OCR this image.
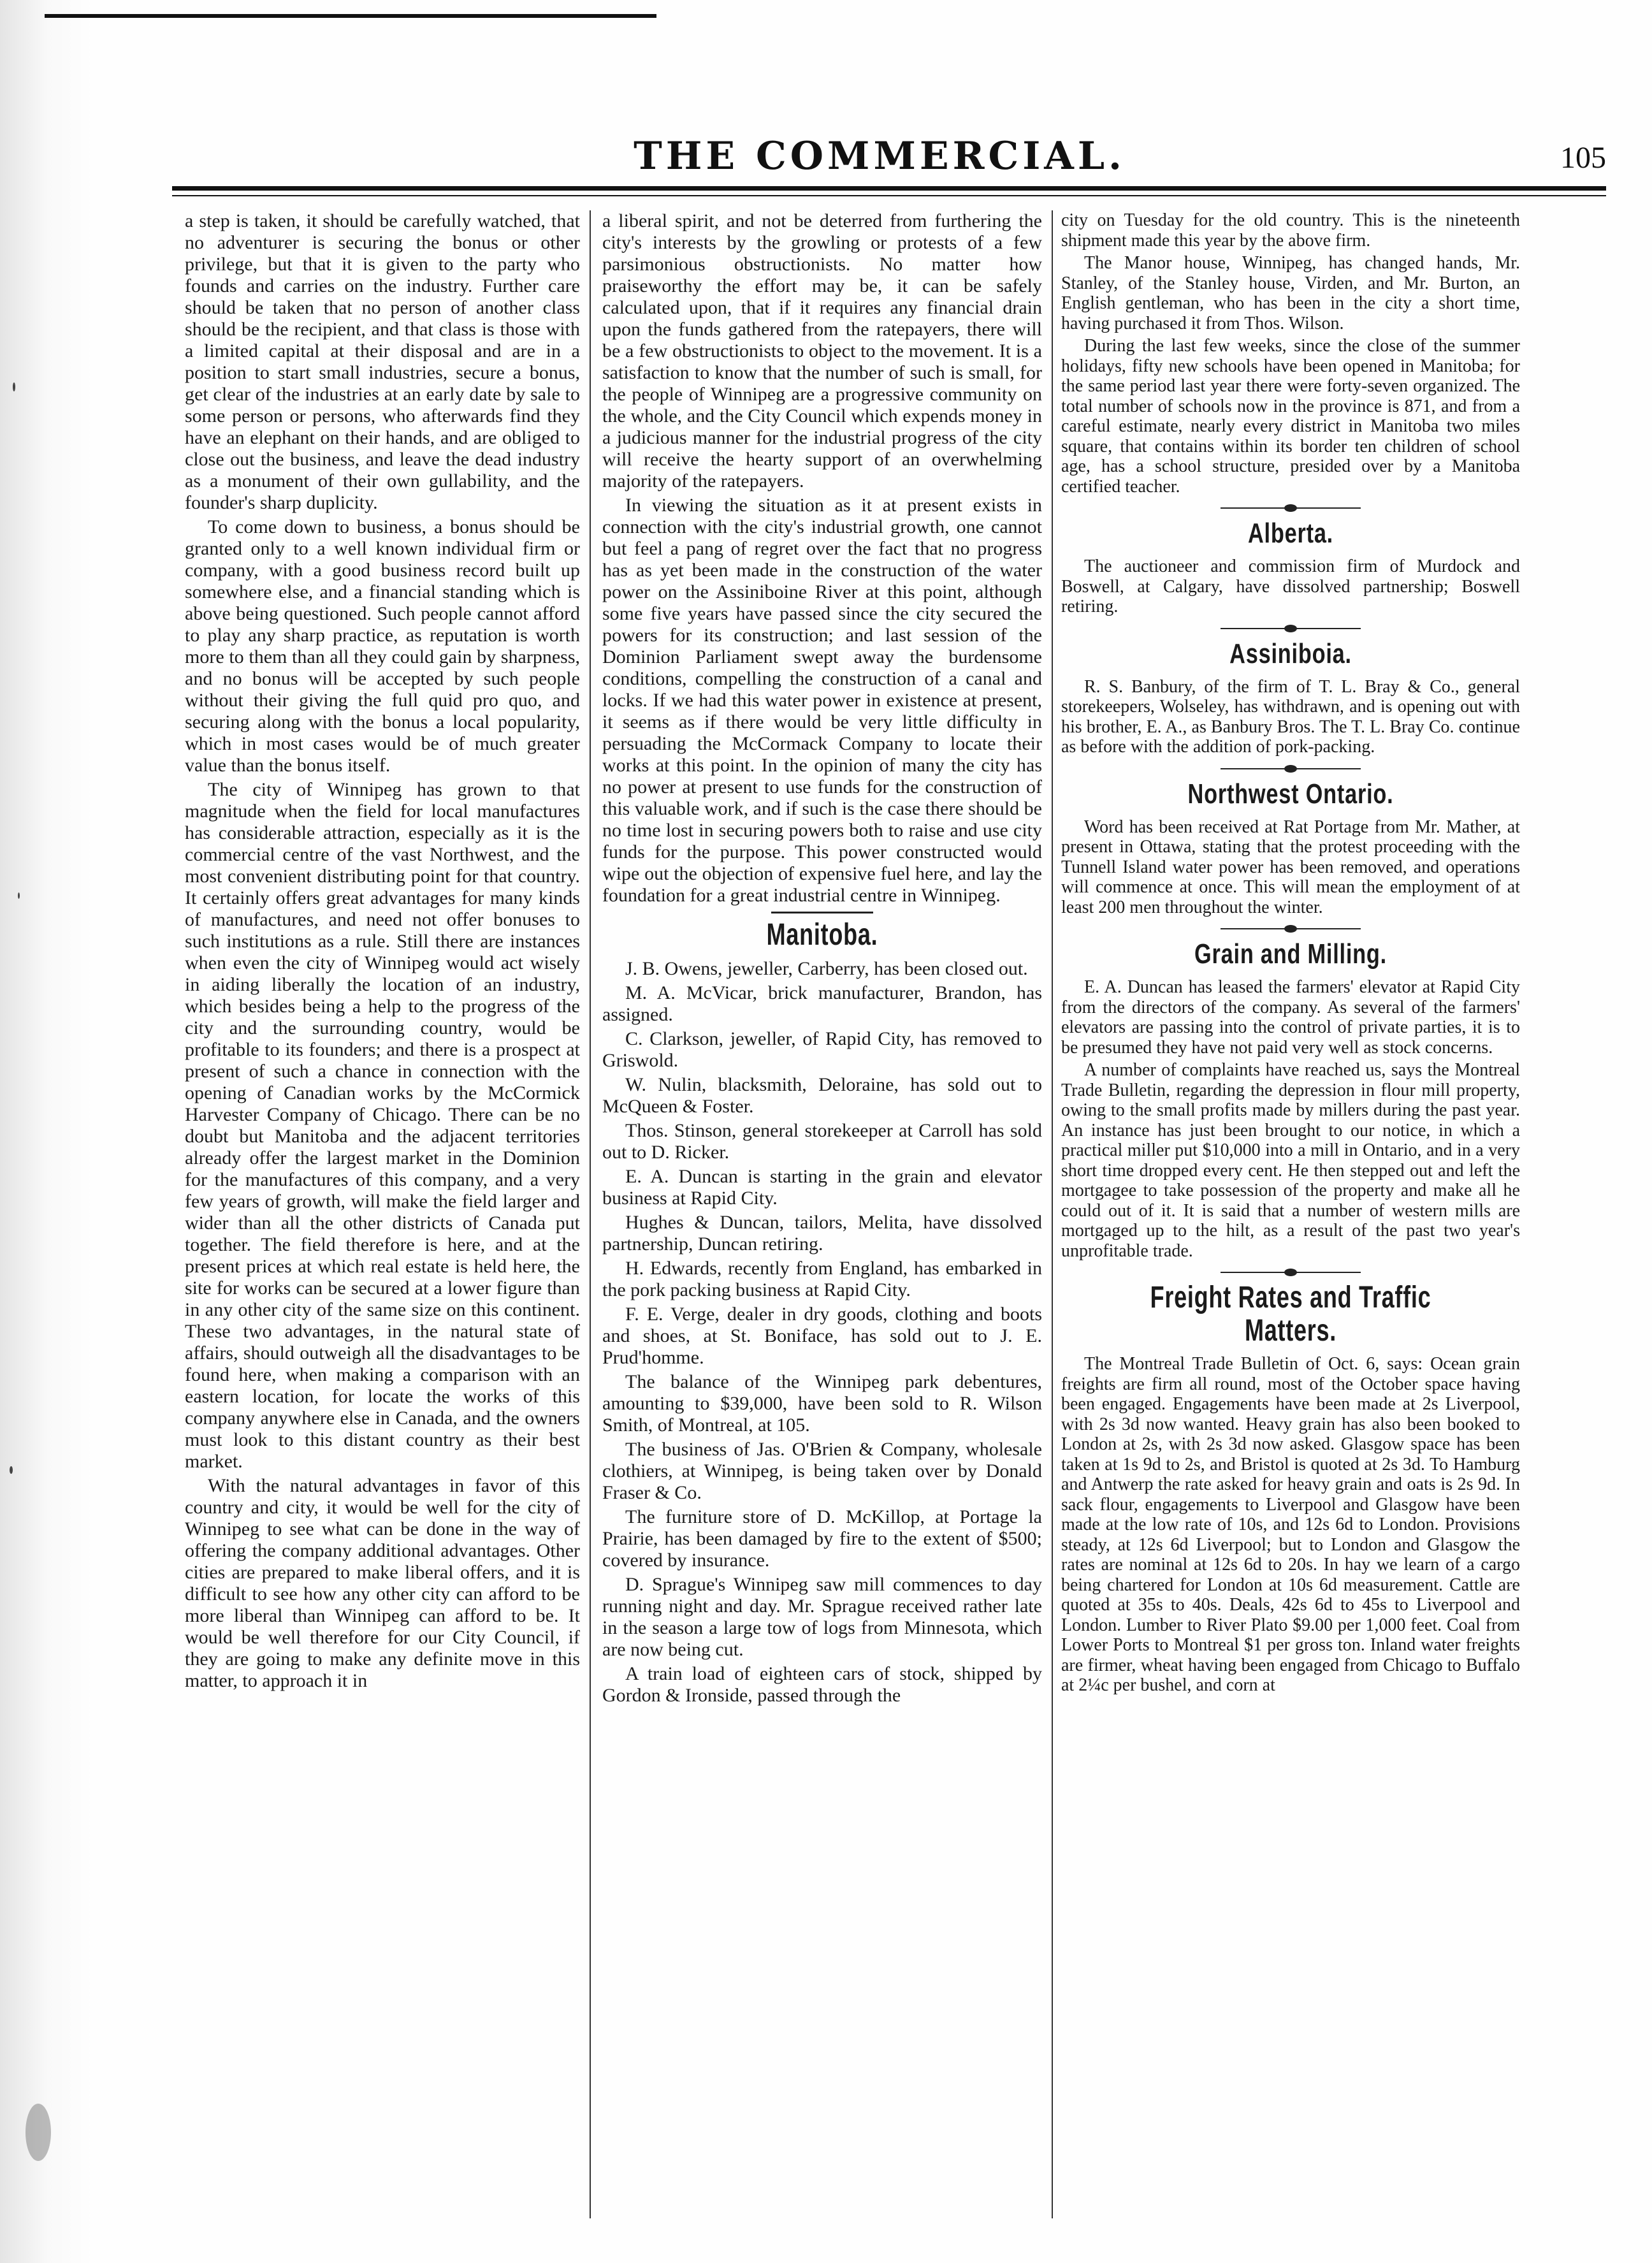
THE COMMERCIAL.	105

a step is taken, it should be carefully watched, that no adventurer is securing the bonus or other privilege, but that it is given to the party who founds and carries on the industry. Further care should be taken that no person of another class should be the recipient, and that class is those with a limited capital at their disposal and are in a position to start small industries, secure a bonus, get clear of the industries at an early date by sale to some person or persons, who afterwards find they have an elephant on their hands, and are obliged to close out the business, and leave the dead industry as a monument of their own gullability, and the founder's sharp duplicity.

To come down to business, a bonus should be granted only to a well known individual firm or company, with a good business record built up somewhere else, and a financial standing which is above being questioned. Such people cannot afford to play any sharp practice, as reputation is worth more to them than all they could gain by sharpness, and no bonus will be accepted by such people without their giving the full quid pro quo, and securing along with the bonus a local popularity, which in most cases would be of much greater value than the bonus itself.

The city of Winnipeg has grown to that magnitude when the field for local manufactures has considerable attraction, especially as it is the commercial centre of the vast Northwest, and the most convenient distributing point for that country. It certainly offers great advantages for many kinds of manufactures, and need not offer bonuses to such institutions as a rule. Still there are instances when even the city of Winnipeg would act wisely in aiding liberally the location of an industry, which besides being a help to the progress of the city and the surrounding country, would be profitable to its founders; and there is a prospect at present of such a chance in connection with the opening of Canadian works by the McCormick Harvester Company of Chicago. There can be no doubt but Manitoba and the adjacent territories already offer the largest market in the Dominion for the manufactures of this company, and a very few years of growth, will make the field larger and wider than all the other districts of Canada put together. The field therefore is here, and at the present prices at which real estate is held here, the site for works can be secured at a lower figure than in any other city of the same size on this continent. These two advantages, in the natural state of affairs, should outweigh all the disadvantages to be found here, when making a comparison with an eastern location, for locate the works of this company anywhere else in Canada, and the owners must look to this distant country as their best market.

With the natural advantages in favor of this country and city, it would be well for the city of Winnipeg to see what can be done in the way of offering the company additional advantages. Other cities are prepared to make liberal offers, and it is difficult to see how any other city can afford to be more liberal than Winnipeg can afford to be. It would be well therefore for our City Council, if they are going to make any definite move in this matter, to approach it in

a liberal spirit, and not be deterred from furthering the city's interests by the growling or protests of a few parsimonious obstructionists. No matter how praiseworthy the effort may be, it can be safely calculated upon, that if it requires any financial drain upon the funds gathered from the ratepayers, there will be a few obstructionists to object to the movement. It is a satisfaction to know that the number of such is small, for the people of Winnipeg are a progressive community on the whole, and the City Council which expends money in a judicious manner for the industrial progress of the city will receive the hearty support of an overwhelming majority of the ratepayers.

In viewing the situation as it at present exists in connection with the city's industrial growth, one cannot but feel a pang of regret over the fact that no progress has as yet been made in the construction of the water power on the Assiniboine River at this point, although some five years have passed since the city secured the powers for its construction; and last session of the Dominion Parliament swept away the burdensome conditions, compelling the construction of a canal and locks. If we had this water power in existence at present, it seems as if there would be very little difficulty in persuading the McCormack Company to locate their works at this point. In the opinion of many the city has no power at present to use funds for the construction of this valuable work, and if such is the case there should be no time lost in securing powers both to raise and use city funds for the purpose. This power constructed would wipe out the objection of expensive fuel here, and lay the foundation for a great industrial centre in Winnipeg.

Manitoba.

J. B. Owens, jeweller, Carberry, has been closed out.

M. A. McVicar, brick manufacturer, Brandon, has assigned.

C. Clarkson, jeweller, of Rapid City, has removed to Griswold.

W. Nulin, blacksmith, Deloraine, has sold out to McQueen & Foster.

Thos. Stinson, general storekeeper at Carroll has sold out to D. Ricker.

E. A. Duncan is starting in the grain and elevator business at Rapid City.

Hughes & Duncan, tailors, Melita, have dissolved partnership, Duncan retiring.

H. Edwards, recently from England, has embarked in the pork packing business at Rapid City.

F. E. Verge, dealer in dry goods, clothing and boots and shoes, at St. Boniface, has sold out to J. E. Prud'homme.

The balance of the Winnipeg park debentures, amounting to $39,000, have been sold to R. Wilson Smith, of Montreal, at 105.

The business of Jas. O'Brien & Company, wholesale clothiers, at Winnipeg, is being taken over by Donald Fraser & Co.

The furniture store of D. McKillop, at Portage la Prairie, has been damaged by fire to the extent of $500; covered by insurance.

D. Sprague's Winnipeg saw mill commences to day running night and day. Mr. Sprague received rather late in the season a large tow of logs from Minnesota, which are now being cut.

A train load of eighteen cars of stock, shipped by Gordon & Ironside, passed through the

city on Tuesday for the old country. This is the nineteenth shipment made this year by the above firm.

The Manor house, Winnipeg, has changed hands, Mr. Stanley, of the Stanley house, Virden, and Mr. Burton, an English gentleman, who has been in the city a short time, having purchased it from Thos. Wilson.

During the last few weeks, since the close of the summer holidays, fifty new schools have been opened in Manitoba; for the same period last year there were forty-seven organized. The total number of schools now in the province is 871, and from a careful estimate, nearly every district in Manitoba two miles square, that contains within its border ten children of school age, has a school structure, presided over by a Manitoba certified teacher.

Alberta.

The auctioneer and commission firm of Murdock and Boswell, at Calgary, have dissolved partnership; Boswell retiring.

Assiniboia.

R. S. Banbury, of the firm of T. L. Bray & Co., general storekeepers, Wolseley, has withdrawn, and is opening out with his brother, E. A., as Banbury Bros. The T. L. Bray Co. continue as before with the addition of pork-packing.

Northwest Ontario.

Word has been received at Rat Portage from Mr. Mather, at present in Ottawa, stating that the protest proceeding with the Tunnell Island water power has been removed, and operations will commence at once. This will mean the employment of at least 200 men throughout the winter.

Grain and Milling.

E. A. Duncan has leased the farmers' elevator at Rapid City from the directors of the company. As several of the farmers' elevators are passing into the control of private parties, it is to be presumed they have not paid very well as stock concerns.

A number of complaints have reached us, says the Montreal Trade Bulletin, regarding the depression in flour mill property, owing to the small profits made by millers during the past year. An instance has just been brought to our notice, in which a practical miller put $10,000 into a mill in Ontario, and in a very short time dropped every cent. He then stepped out and left the mortgagee to take possession of the property and make all he could out of it. It is said that a number of western mills are mortgaged up to the hilt, as a result of the past two year's unprofitable trade.

Freight Rates and Traffic Matters.

The Montreal Trade Bulletin of Oct. 6, says: Ocean grain freights are firm all round, most of the October space having been engaged. Engagements have been made at 2s Liverpool, with 2s 3d now wanted. Heavy grain has also been booked to London at 2s, with 2s 3d now asked. Glasgow space has been taken at 1s 9d to 2s, and Bristol is quoted at 2s 3d. To Hamburg and Antwerp the rate asked for heavy grain and oats is 2s 9d. In sack flour, engagements to Liverpool and Glasgow have been made at the low rate of 10s, and 12s 6d to London. Provisions steady, at 12s 6d Liverpool; but to London and Glasgow the rates are nominal at 12s 6d to 20s. In hay we learn of a cargo being chartered for London at 10s 6d measurement. Cattle are quoted at 35s to 40s. Deals, 42s 6d to 45s to Liverpool and London. Lumber to River Plato $9.00 per 1,000 feet. Coal from Lower Ports to Montreal $1 per gross ton. Inland water freights are firmer, wheat having been engaged from Chicago to Buffalo at 2¼c per bushel, and corn at
